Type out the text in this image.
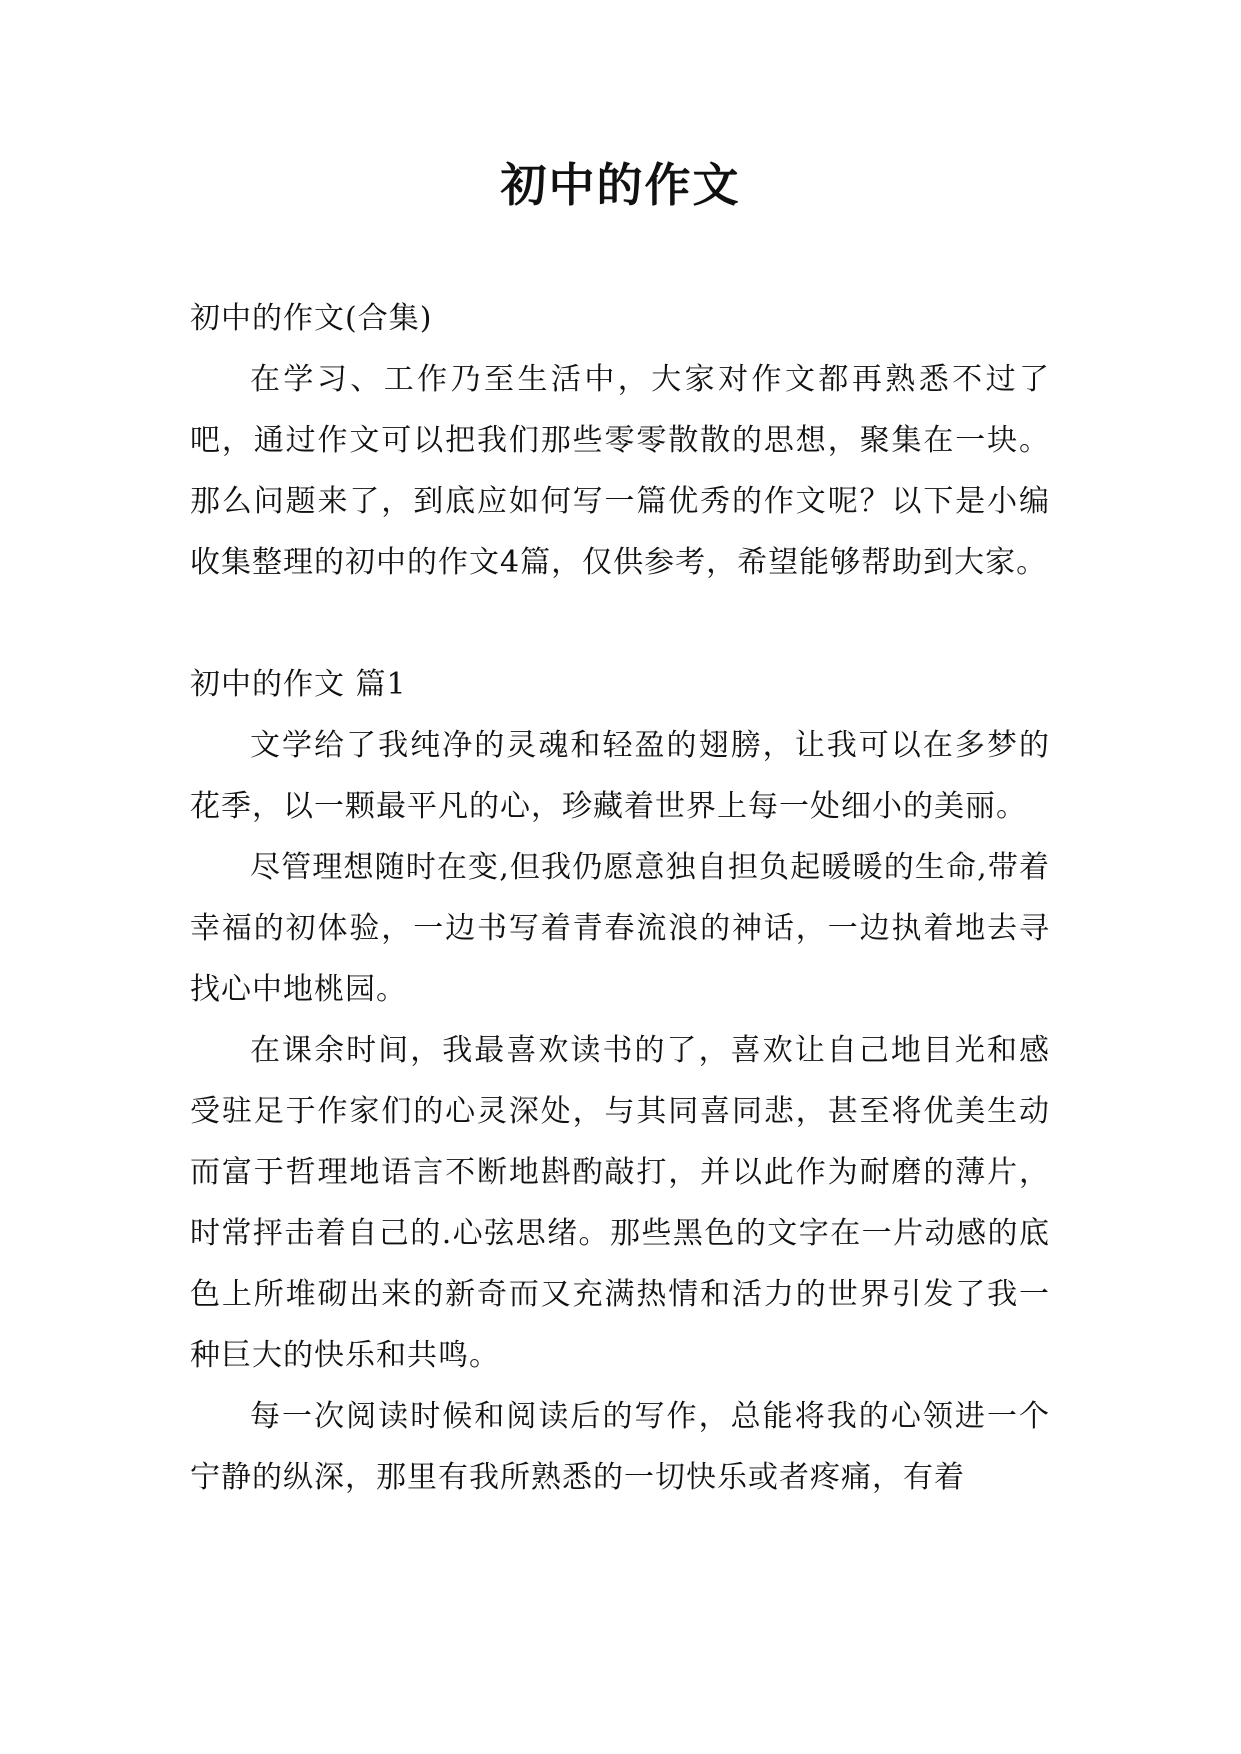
初中的作文

初中的作文(合集)

在学习、工作乃至生活中，大家对作文都再熟悉不过了吧，通过作文可以把我们那些零零散散的思想，聚集在一块。那么问题来了，到底应如何写一篇优秀的作文呢？以下是小编收集整理的初中的作文4篇，仅供参考，希望能够帮助到大家。

初中的作文 篇1

文学给了我纯净的灵魂和轻盈的翅膀，让我可以在多梦的花季，以一颗最平凡的心，珍藏着世界上每一处细小的美丽。

尽管理想随时在变,但我仍愿意独自担负起暖暖的生命,带着幸福的初体验，一边书写着青春流浪的神话，一边执着地去寻找心中地桃园。

在课余时间，我最喜欢读书的了，喜欢让自己地目光和感受驻足于作家们的心灵深处，与其同喜同悲，甚至将优美生动而富于哲理地语言不断地斟酌敲打，并以此作为耐磨的薄片，时常抨击着自己的.心弦思绪。那些黑色的文字在一片动感的底色上所堆砌出来的新奇而又充满热情和活力的世界引发了我一种巨大的快乐和共鸣。

每一次阅读时候和阅读后的写作，总能将我的心领进一个宁静的纵深，那里有我所熟悉的一切快乐或者疼痛，有着
